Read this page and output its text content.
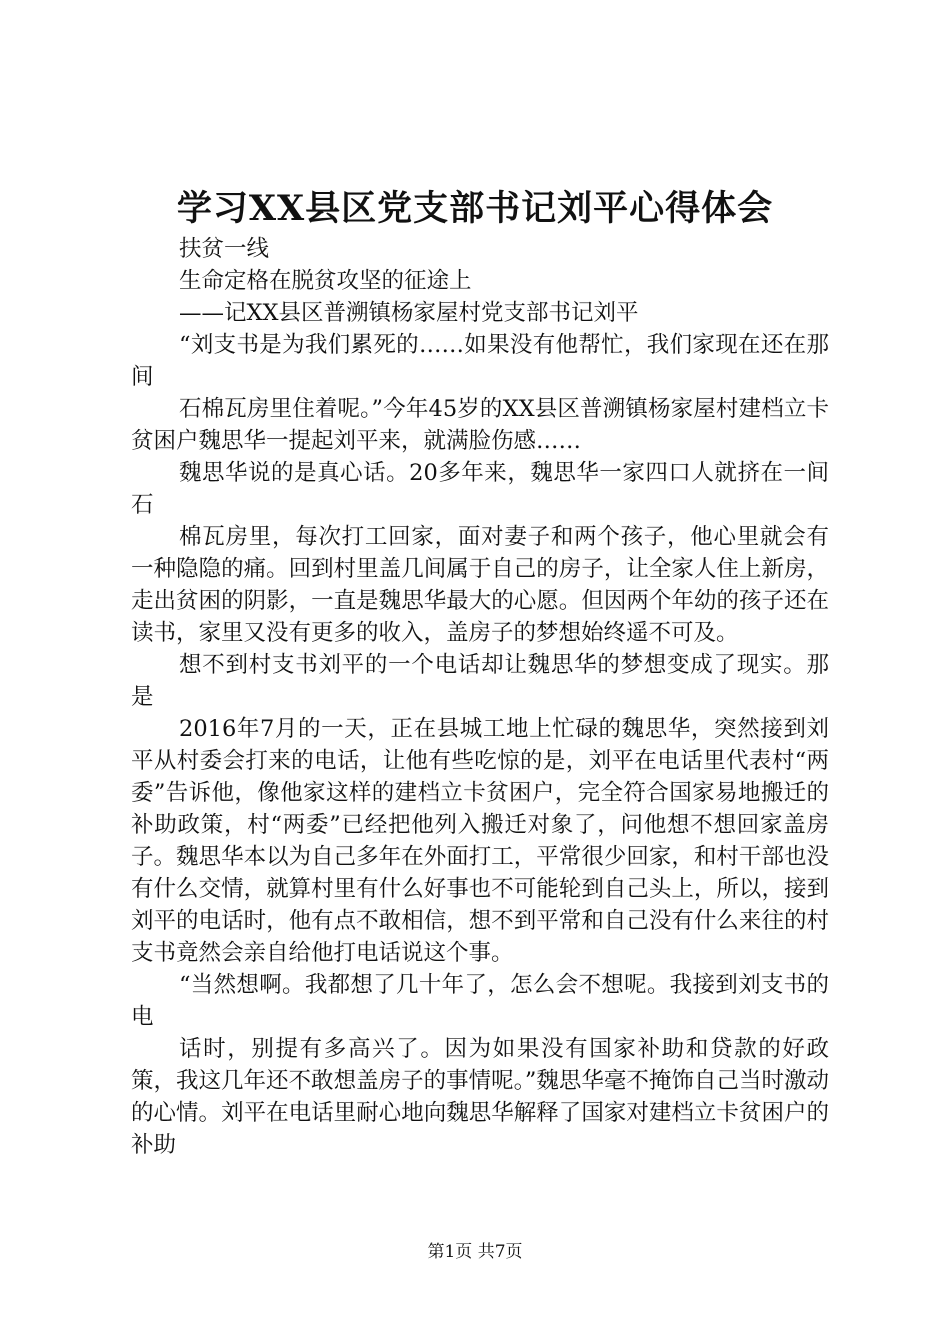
学习XX县区党支部书记刘平心得体会

扶贫一线

生命定格在脱贫攻坚的征途上

——记XX县区普溯镇杨家屋村党支部书记刘平

“刘支书是为我们累死的……如果没有他帮忙，我们家现在还在那间

石棉瓦房里住着呢。”今年45岁的XX县区普溯镇杨家屋村建档立卡贫困户魏思华一提起刘平来，就满脸伤感……

魏思华说的是真心话。20多年来，魏思华一家四口人就挤在一间石

棉瓦房里，每次打工回家，面对妻子和两个孩子，他心里就会有一种隐隐的痛。回到村里盖几间属于自己的房子，让全家人住上新房，走出贫困的阴影，一直是魏思华最大的心愿。但因两个年幼的孩子还在读书，家里又没有更多的收入，盖房子的梦想始终遥不可及。

想不到村支书刘平的一个电话却让魏思华的梦想变成了现实。那是

2016年7月的一天，正在县城工地上忙碌的魏思华，突然接到刘平从村委会打来的电话，让他有些吃惊的是，刘平在电话里代表村“两委”告诉他，像他家这样的建档立卡贫困户，完全符合国家易地搬迁的补助政策，村“两委”已经把他列入搬迁对象了，问他想不想回家盖房子。魏思华本以为自己多年在外面打工，平常很少回家，和村干部也没有什么交情，就算村里有什么好事也不可能轮到自己头上，所以，接到刘平的电话时，他有点不敢相信，想不到平常和自己没有什么来往的村支书竟然会亲自给他打电话说这个事。

“当然想啊。我都想了几十年了，怎么会不想呢。我接到刘支书的电

话时，别提有多高兴了。因为如果没有国家补助和贷款的好政策，我这几年还不敢想盖房子的事情呢。”魏思华毫不掩饰自己当时激动的心情。刘平在电话里耐心地向魏思华解释了国家对建档立卡贫困户的补助

第1页 共7页
